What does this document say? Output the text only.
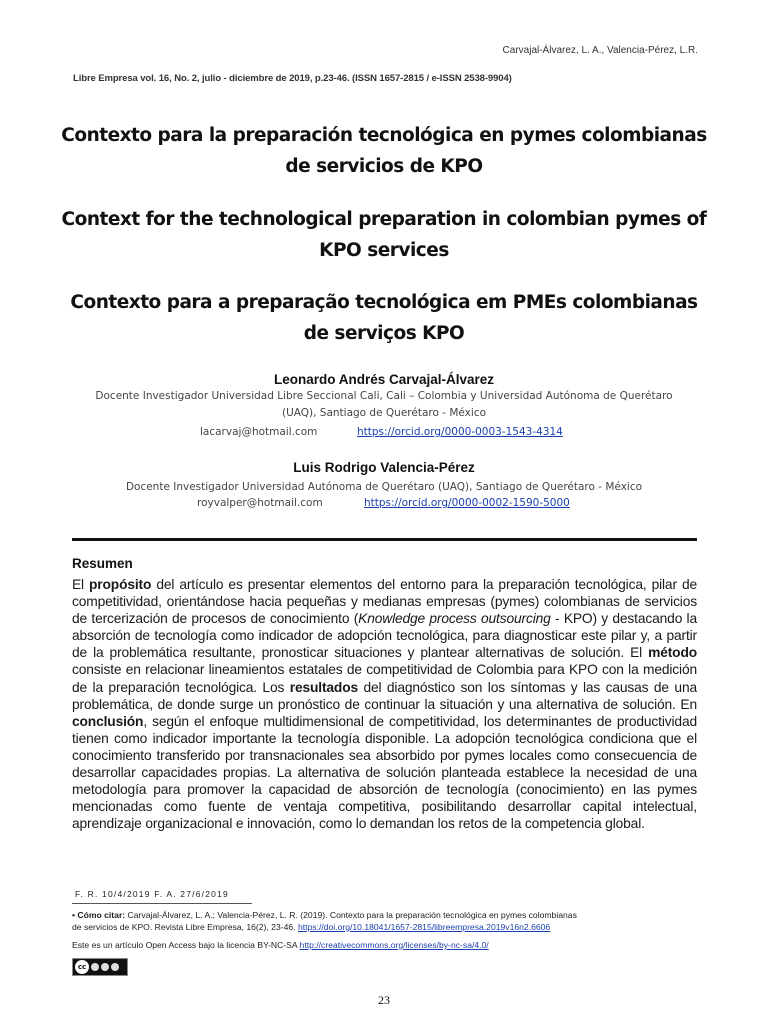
Carvajal-Álvarez, L. A., Valencia-Pérez, L.R.
Libre Empresa vol. 16, No. 2, julio - diciembre de 2019, p.23-46. (ISSN 1657-2815 / e-ISSN 2538-9904)
Contexto para la preparación tecnológica en pymes colombianas
de servicios de KPO
Context for the technological preparation in colombian pymes of
KPO services
Contexto para a preparação tecnológica em PMEs colombianas
de serviços KPO
Leonardo Andrés Carvajal-Álvarez
Docente Investigador Universidad Libre Seccional Cali, Cali – Colombia y Universidad Autónoma de Querétaro
(UAQ), Santiago de Querétaro - México
lacarvaj@hotmail.com	https://orcid.org/0000-0003-1543-4314
Luis Rodrigo Valencia-Pérez
Docente Investigador Universidad Autónoma de Querétaro (UAQ), Santiago de Querétaro - México
royvalper@hotmail.com	https://orcid.org/0000-0002-1590-5000
Resumen
El propósito del artículo es presentar elementos del entorno para la preparación tecnológica, pilar de competitividad, orientándose hacia pequeñas y medianas empresas (pymes) colombianas de servicios de tercerización de procesos de conocimiento (Knowledge process outsourcing - KPO) y destacando la absorción de tecnología como indicador de adopción tecnológica, para diagnosticar este pilar y, a partir de la problemática resultante, pronosticar situaciones y plantear alternativas de solución. El método consiste en relacionar lineamientos estatales de competitividad de Colombia para KPO con la medición de la preparación tecnológica. Los resultados del diagnóstico son los síntomas y las causas de una problemática, de donde surge un pronóstico de continuar la situación y una alternativa de solución. En conclusión, según el enfoque multidimensional de competitividad, los determinantes de productividad tienen como indicador importante la tecnología disponible. La adopción tecnológica condiciona que el conocimiento transferido por transnacionales sea absorbido por pymes locales como consecuencia de desarrollar capacidades propias. La alternativa de solución planteada establece la necesidad de una metodología para promover la capacidad de absorción de tecnología (conocimiento) en las pymes mencionadas como fuente de ventaja competitiva, posibilitando desarrollar capital intelectual, aprendizaje organizacional e innovación, como lo demandan los retos de la competencia global.
F. R. 10/4/2019 F. A. 27/6/2019
• Cómo citar: Carvajal-Álvarez, L. A.; Valencia-Pérez, L. R. (2019). Contexto para la preparación tecnológica en pymes colombianas
de servicios de KPO. Revista Libre Empresa, 16(2), 23-46. https://doi.org/10.18041/1657-2815/libreempresa.2019v16n2.6606
Este es un artículo Open Access bajo la licencia BY-NC-SA http://creativecommons.org/licenses/by-nc-sa/4.0/
cc
23
